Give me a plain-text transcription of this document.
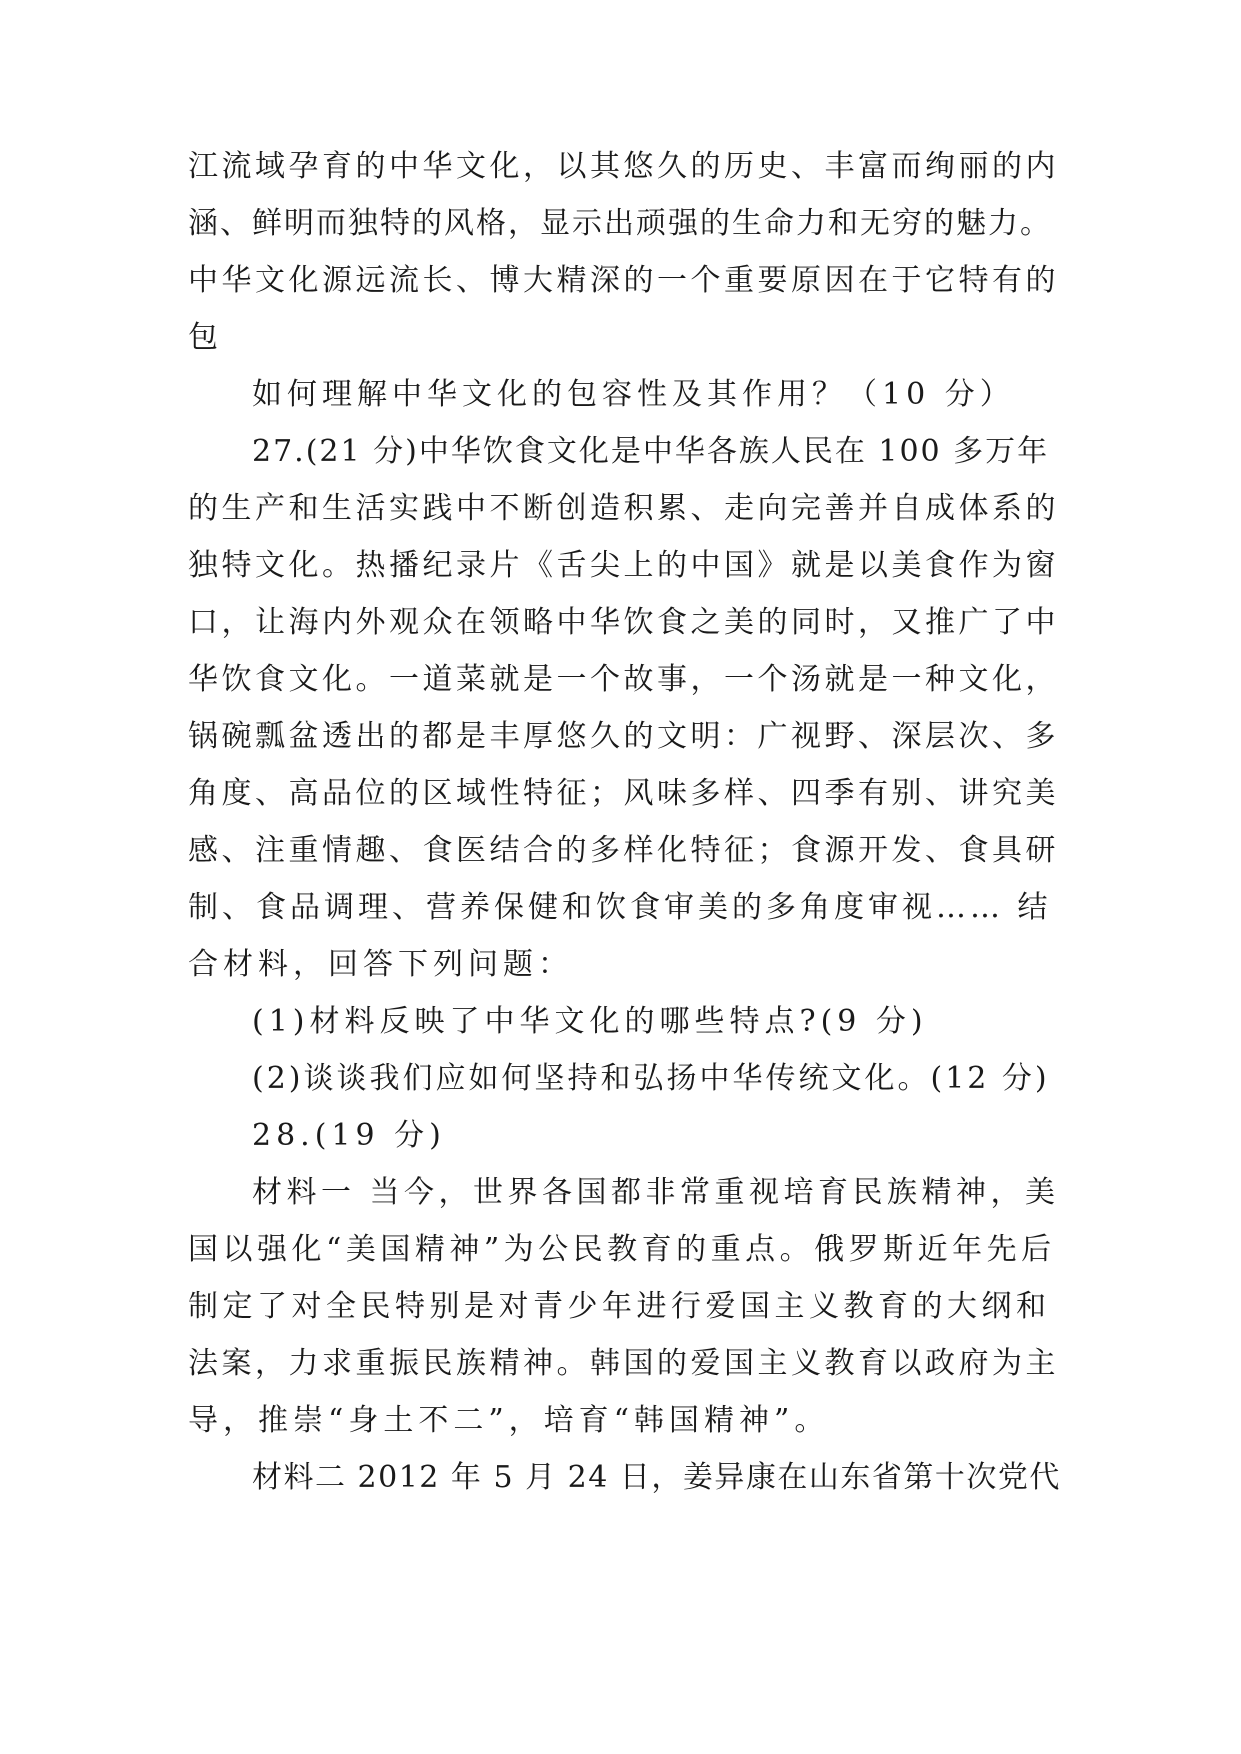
江流域孕育的中华文化，以其悠久的历史、丰富而绚丽的内
涵、鲜明而独特的风格，显示出顽强的生命力和无穷的魅力。
中华文化源远流长、博大精深的一个重要原因在于它特有的
包
如何理解中华文化的包容性及其作用？（10 分）
27.(21 分)中华饮食文化是中华各族人民在 100 多万年
的生产和生活实践中不断创造积累、走向完善并自成体系的
独特文化。热播纪录片《舌尖上的中国》就是以美食作为窗
口，让海内外观众在领略中华饮食之美的同时，又推广了中
华饮食文化。一道菜就是一个故事，一个汤就是一种文化，
锅碗瓢盆透出的都是丰厚悠久的文明：广视野、深层次、多
角度、高品位的区域性特征；风味多样、四季有别、讲究美
感、注重情趣、食医结合的多样化特征；食源开发、食具研
制、食品调理、营养保健和饮食审美的多角度审视…… 结
合材料，回答下列问题：
(1)材料反映了中华文化的哪些特点?(9 分)
(2)谈谈我们应如何坚持和弘扬中华传统文化。(12 分)
28.(19 分)
材料一 当今，世界各国都非常重视培育民族精神，美
国以强化“美国精神”为公民教育的重点。俄罗斯近年先后
制定了对全民特别是对青少年进行爱国主义教育的大纲和
法案，力求重振民族精神。韩国的爱国主义教育以政府为主
导，推崇“身土不二”，培育“韩国精神”。
材料二 2012 年 5 月 24 日，姜异康在山东省第十次党代
